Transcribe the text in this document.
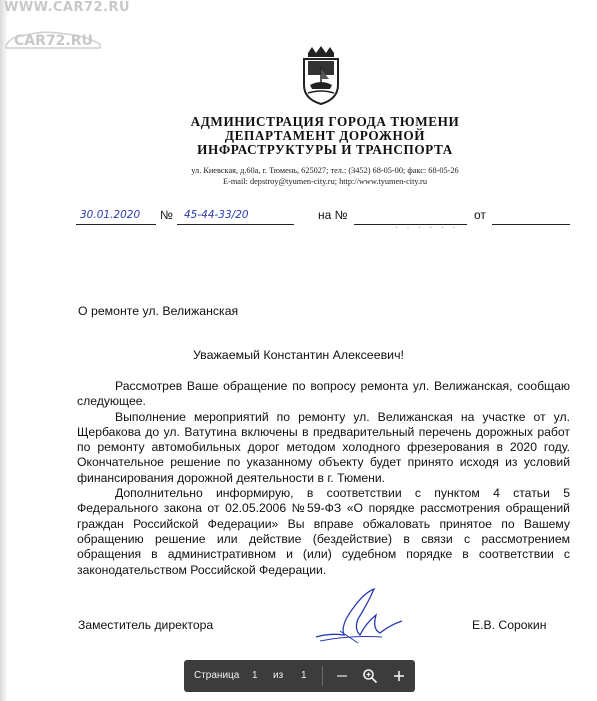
WWW.CAR72.RU
CAR72.RU
АДМИНИСТРАЦИЯ ГОРОДА ТЮМЕНИ
ДЕПАРТАМЕНТ ДОРОЖНОЙ
ИНФРАСТРУКТУРЫ И ТРАНСПОРТА
ул. Киевская, д.60а, г. Тюмень, 625027; тел.: (3452) 68-05-00; факс: 68-05-26
E-mail: depstroy@tyumen-city.ru; http://www.tyumen-city.ru
30.01.2020 № 45-44-33/20	на №	от
· · · · · ·
О ремонте ул. Велижанская
Уважаемый Константин Алексеевич!

Рассмотрев Ваше обращение по вопросу ремонта ул. Велижанская, сообщаю следующее.

Выполнение мероприятий по ремонту ул. Велижанская на участке от ул. Щербакова до ул. Ватутина включены в предварительный перечень дорожных работ по ремонту автомобильных дорог методом холодного фрезерования в 2020 году. Окончательное решение по указанному объекту будет принято исходя из условий финансирования дорожной деятельности в г. Тюмени.

Дополнительно информирую, в соответствии с пунктом 4 статьи 5 Федерального закона от 02.05.2006 №59-ФЗ «О порядке рассмотрения обращений граждан Российской Федерации» Вы вправе обжаловать принятое по Вашему обращению решение или действие (бездействие) в связи с рассмотрением обращения в административном и (или) судебном порядке в соответствии с законодательством Российской Федерации.

Заместитель директора	Е.В. Сорокин
Страница 1 из 1
